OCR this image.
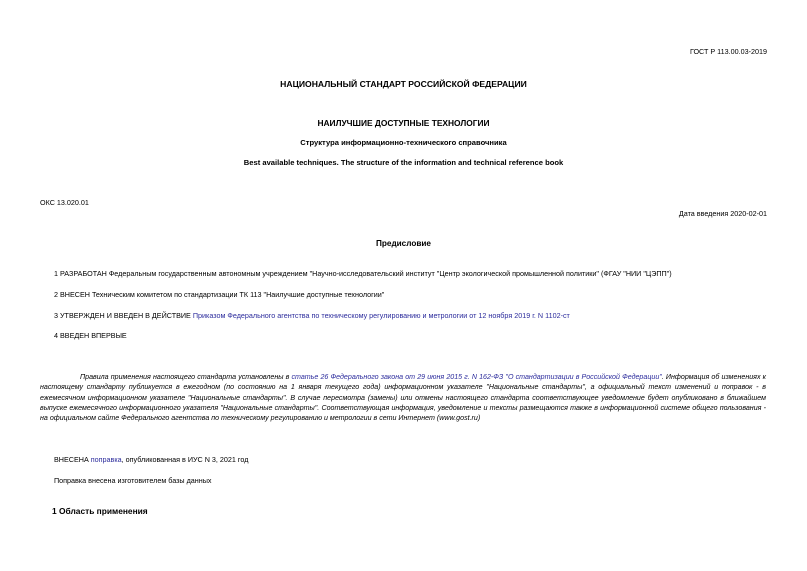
ГОСТ Р 113.00.03-2019
НАЦИОНАЛЬНЫЙ СТАНДАРТ РОССИЙСКОЙ ФЕДЕРАЦИИ
НАИЛУЧШИЕ ДОСТУПНЫЕ ТЕХНОЛОГИИ
Структура информационно-технического справочника
Best available techniques. The structure of the information and technical reference book
ОКС 13.020.01
Дата введения 2020-02-01
Предисловие
1 РАЗРАБОТАН Федеральным государственным автономным учреждением "Научно-исследовательский институт "Центр экологической промышленной политики" (ФГАУ "НИИ "ЦЭПП")
2 ВНЕСЕН Техническим комитетом по стандартизации ТК 113 "Наилучшие доступные технологии"
3 УТВЕРЖДЕН И ВВЕДЕН В ДЕЙСТВИЕ Приказом Федерального агентства по техническому регулированию и метрологии от 12 ноября 2019 г. N 1102-ст
4 ВВЕДЕН ВПЕРВЫЕ
Правила применения настоящего стандарта установлены в статье 26 Федерального закона от 29 июня 2015 г. N 162-ФЗ "О стандартизации в Российской Федерации". Информация об изменениях к настоящему стандарту публикуется в ежегодном (по состоянию на 1 января текущего года) информационном указателе "Национальные стандарты", а официальный текст изменений и поправок - в ежемесячном информационном указателе "Национальные стандарты". В случае пересмотра (замены) или отмены настоящего стандарта соответствующее уведомление будет опубликовано в ближайшем выпуске ежемесячного информационного указателя "Национальные стандарты". Соответствующая информация, уведомление и тексты размещаются также в информационной системе общего пользования - на официальном сайте Федерального агентства по техническому регулированию и метрологии в сети Интернет (www.gost.ru)
ВНЕСЕНА поправка, опубликованная в ИУС N 3, 2021 год
Поправка внесена изготовителем базы данных
1 Область применения
